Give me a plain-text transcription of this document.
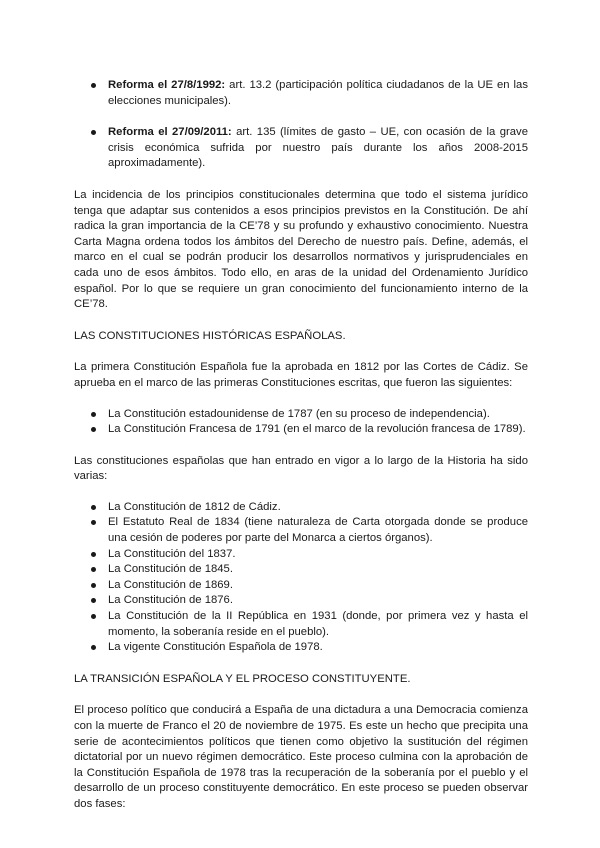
Reforma el 27/8/1992: art. 13.2 (participación política ciudadanos de la UE en las elecciones municipales).
Reforma el 27/09/2011: art. 135 (límites de gasto – UE, con ocasión de la grave crisis económica sufrida por nuestro país durante los años 2008-2015 aproximadamente).

La incidencia de los principios constitucionales determina que todo el sistema jurídico tenga que adaptar sus contenidos a esos principios previstos en la Constitución. De ahí radica la gran importancia de la CE’78 y su profundo y exhaustivo conocimiento. Nuestra Carta Magna ordena todos los ámbitos del Derecho de nuestro país. Define, además, el marco en el cual se podrán producir los desarrollos normativos y jurisprudenciales en cada uno de esos ámbitos. Todo ello, en aras de la unidad del Ordenamiento Jurídico español. Por lo que se requiere un gran conocimiento del funcionamiento interno de la CE’78.

LAS CONSTITUCIONES HISTÓRICAS ESPAÑOLAS.

La primera Constitución Española fue la aprobada en 1812 por las Cortes de Cádiz. Se aprueba en el marco de las primeras Constituciones escritas, que fueron las siguientes:

La Constitución estadounidense de 1787 (en su proceso de independencia).
La Constitución Francesa de 1791 (en el marco de la revolución francesa de 1789).

Las constituciones españolas que han entrado en vigor a lo largo de la Historia ha sido varias:

La Constitución de 1812 de Cádiz.
El Estatuto Real de 1834 (tiene naturaleza de Carta otorgada donde se produce una cesión de poderes por parte del Monarca a ciertos órganos).
La Constitución del 1837.
La Constitución de 1845.
La Constitución de 1869.
La Constitución de 1876.
La Constitución de la II República en 1931 (donde, por primera vez y hasta el momento, la soberanía reside en el pueblo).
La vigente Constitución Española de 1978.

LA TRANSICIÓN ESPAÑOLA Y EL PROCESO CONSTITUYENTE.

El proceso político que conducirá a España de una dictadura a una Democracia comienza con la muerte de Franco el 20 de noviembre de 1975. Es este un hecho que precipita una serie de acontecimientos políticos que tienen como objetivo la sustitución del régimen dictatorial por un nuevo régimen democrático. Este proceso culmina con la aprobación de la Constitución Española de 1978 tras la recuperación de la soberanía por el pueblo y el desarrollo de un proceso constituyente democrático. En este proceso se pueden observar dos fases:
